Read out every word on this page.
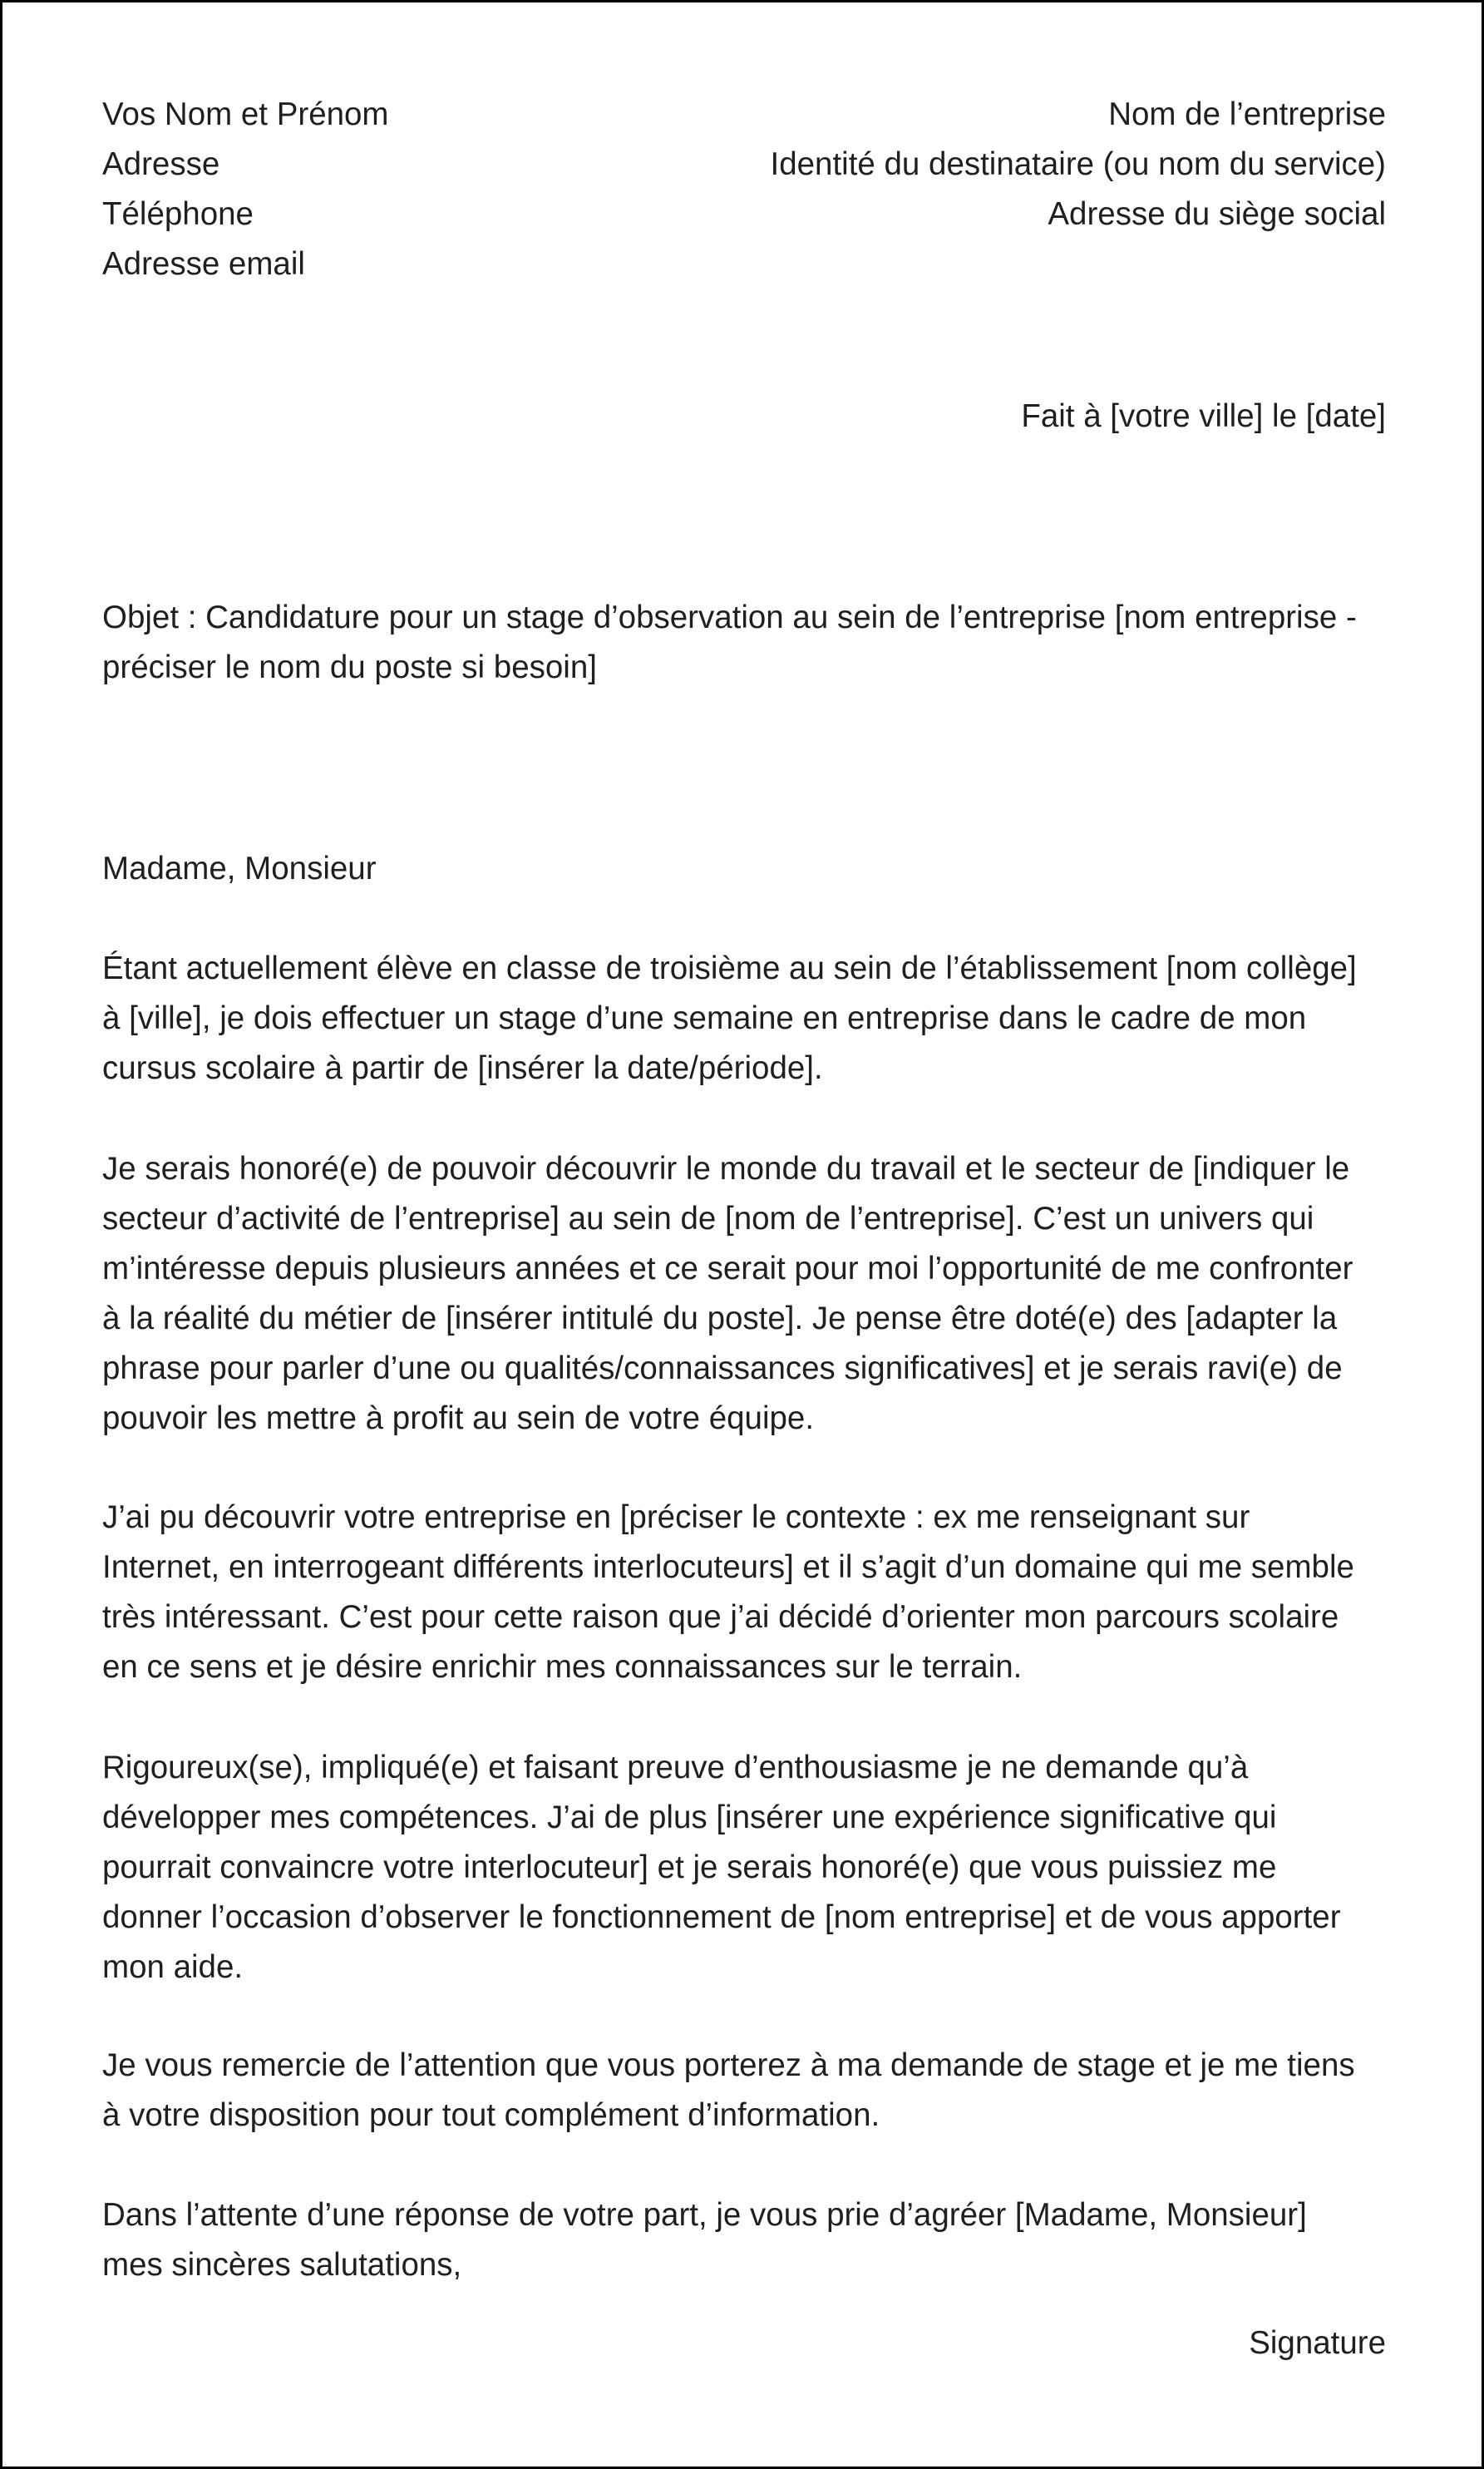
Vos Nom et Prénom

Adresse

Téléphone

Adresse email

Nom de l’entreprise

Identité du destinataire (ou nom du service)

Adresse du siège social

Fait à [votre ville] le [date]

Objet : Candidature pour un stage d’observation au sein de l’entreprise [nom entreprise -
préciser le nom du poste si besoin]

Madame, Monsieur

Étant actuellement élève en classe de troisième au sein de l’établissement [nom collège]
à [ville], je dois effectuer un stage d’une semaine en entreprise dans le cadre de mon
cursus scolaire à partir de [insérer la date/période].

Je serais honoré(e) de pouvoir découvrir le monde du travail et le secteur de [indiquer le
secteur d’activité de l’entreprise] au sein de [nom de l’entreprise]. C’est un univers qui
m’intéresse depuis plusieurs années et ce serait pour moi l’opportunité de me confronter
à la réalité du métier de [insérer intitulé du poste]. Je pense être doté(e) des [adapter la
phrase pour parler d’une ou qualités/connaissances significatives] et je serais ravi(e) de
pouvoir les mettre à profit au sein de votre équipe.

J’ai pu découvrir votre entreprise en [préciser le contexte : ex me renseignant sur
Internet, en interrogeant différents interlocuteurs] et il s’agit d’un domaine qui me semble
très intéressant. C’est pour cette raison que j’ai décidé d’orienter mon parcours scolaire
en ce sens et je désire enrichir mes connaissances sur le terrain.

Rigoureux(se), impliqué(e) et faisant preuve d’enthousiasme je ne demande qu’à
développer mes compétences. J’ai de plus [insérer une expérience significative qui
pourrait convaincre votre interlocuteur] et je serais honoré(e) que vous puissiez me
donner l’occasion d’observer le fonctionnement de [nom entreprise] et de vous apporter
mon aide.

Je vous remercie de l’attention que vous porterez à ma demande de stage et je me tiens
à votre disposition pour tout complément d’information.

Dans l’attente d’une réponse de votre part, je vous prie d’agréer [Madame, Monsieur]
mes sincères salutations,

Signature
